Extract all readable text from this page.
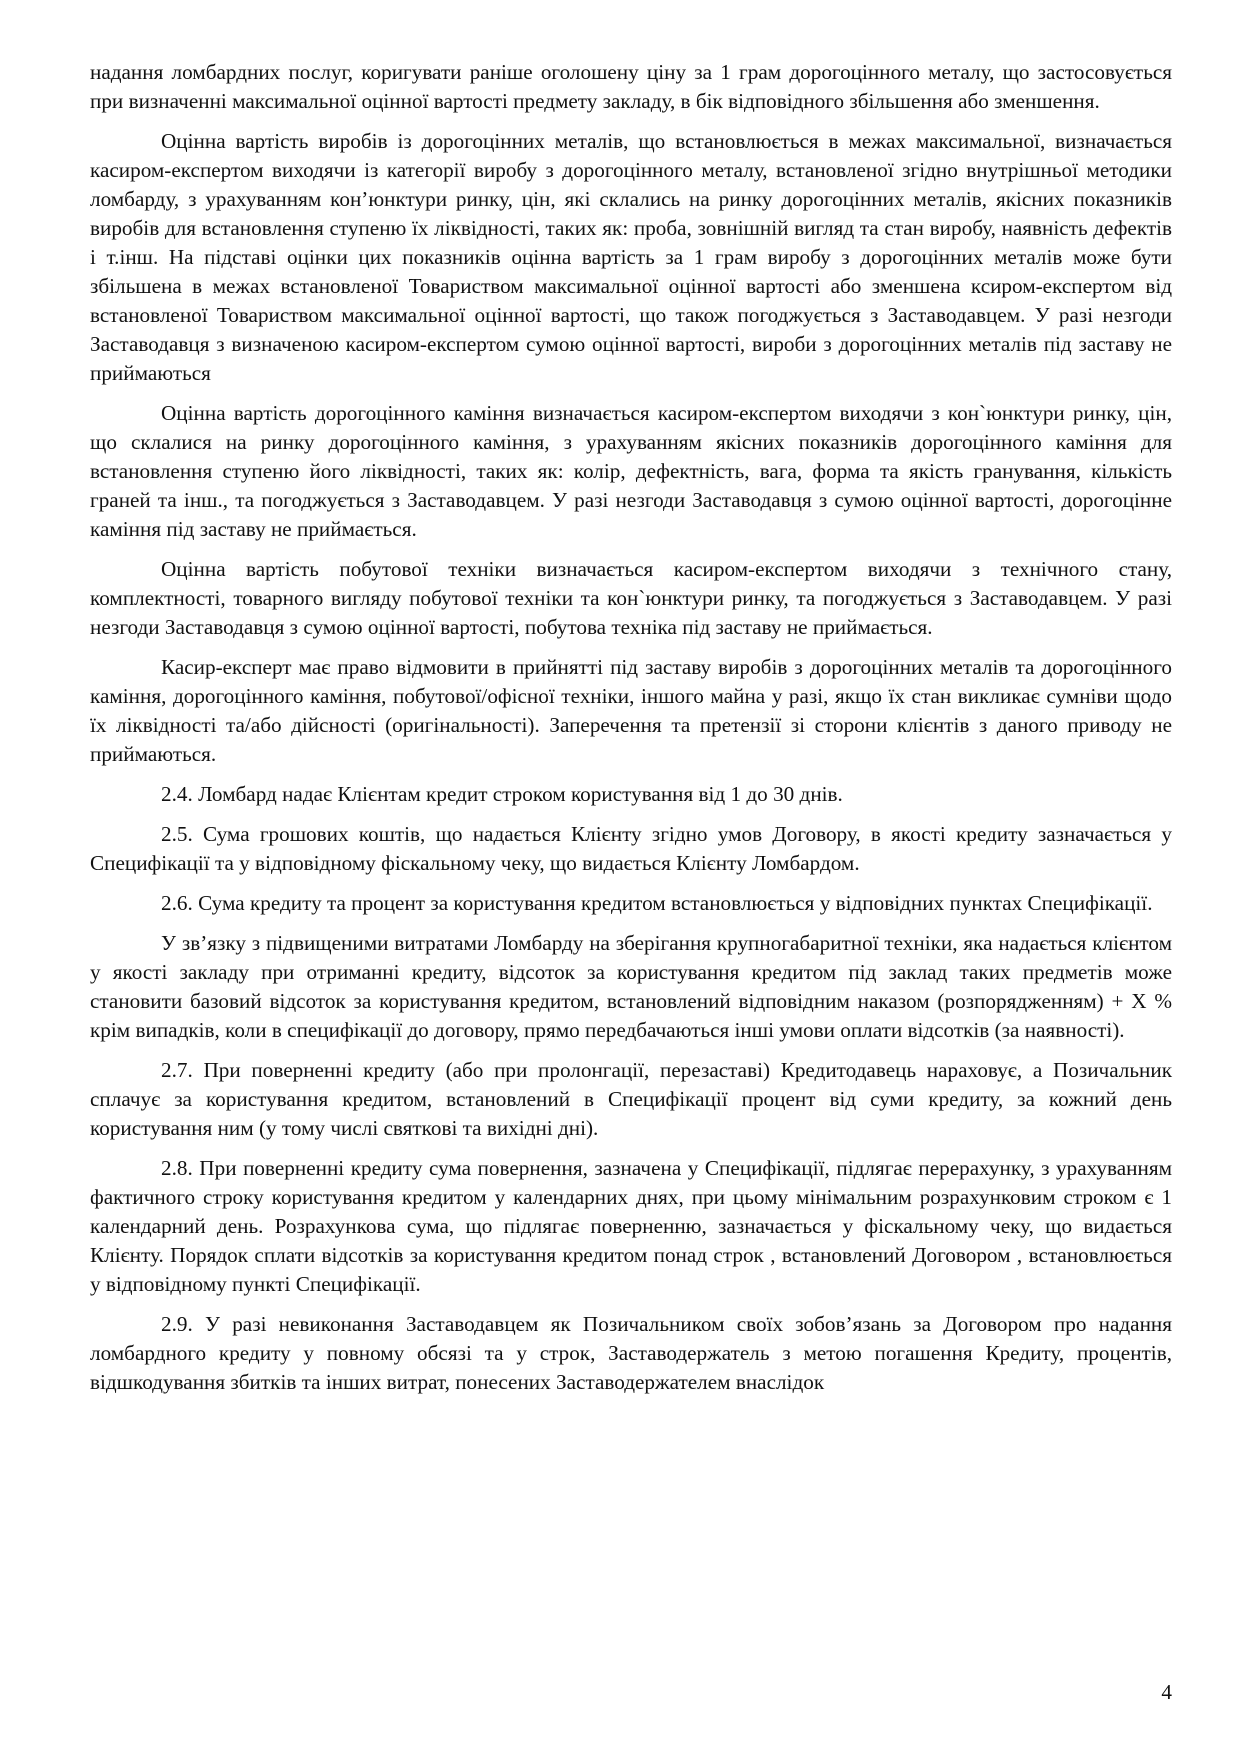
надання ломбардних послуг, коригувати раніше оголошену ціну за 1 грам дорогоцінного металу, що застосовується при визначенні максимальної оцінної вартості предмету закладу, в бік відповідного збільшення або зменшення.

Оцінна вартість виробів із дорогоцінних металів, що встановлюється в межах максимальної, визначається касиром-експертом виходячи із категорії виробу з дорогоцінного металу, встановленої згідно внутрішньої методики ломбарду, з урахуванням кон’юнктури ринку, цін, які склались на ринку дорогоцінних металів, якісних показників виробів для встановлення ступеню їх ліквідності, таких як: проба, зовнішній вигляд та стан виробу, наявність дефектів і т.інш. На підставі оцінки цих показників оцінна вартість за 1 грам виробу з дорогоцінних металів може бути збільшена в межах встановленої Товариством максимальної оцінної вартості або зменшена ксиром-експертом від встановленої Товариством максимальної оцінної вартості, що також погоджується з Заставодавцем. У разі незгоди Заставодавця з визначеною касиром-експертом сумою оцінної вартості, вироби з дорогоцінних металів під заставу не приймаються

Оцінна вартість дорогоцінного каміння визначається касиром-експертом виходячи з кон`юнктури ринку, цін, що склалися на ринку дорогоцінного каміння, з урахуванням якісних показників дорогоцінного каміння для встановлення ступеню його ліквідності, таких як: колір, дефектність, вага, форма та якість гранування, кількість граней та інш., та погоджується з Заставодавцем. У разі незгоди Заставодавця з сумою оцінної вартості, дорогоцінне каміння під заставу не приймається.

Оцінна вартість побутової техніки визначається касиром-експертом виходячи з технічного стану, комплектності, товарного вигляду побутової техніки та кон`юнктури ринку, та погоджується з Заставодавцем. У разі незгоди Заставодавця з сумою оцінної вартості, побутова техніка під заставу не приймається.

Касир-експерт має право відмовити в прийнятті під заставу виробів з дорогоцінних металів та дорогоцінного каміння, дорогоцінного каміння, побутової/офісної техніки, іншого майна у разі, якщо їх стан викликає сумніви щодо їх ліквідності та/або дійсності (оригінальності). Заперечення та претензії зі сторони клієнтів з даного приводу не приймаються.

2.4. Ломбард надає Клієнтам кредит строком користування від 1 до 30 днів.

2.5. Сума грошових коштів, що надається Клієнту згідно умов Договору, в якості кредиту зазначається у Специфікації та у відповідному фіскальному чеку, що видається Клієнту Ломбардом.

2.6. Сума кредиту та процент за користування кредитом встановлюється у відповідних пунктах Специфікації.

У зв’язку з підвищеними витратами Ломбарду на зберігання крупногабаритної техніки, яка надається клієнтом у якості закладу при отриманні кредиту, відсоток за користування кредитом під заклад таких предметів може становити базовий відсоток за користування кредитом, встановлений відповідним наказом (розпорядженням) + Х % крім випадків, коли в специфікації до договору, прямо передбачаються інші умови оплати відсотків (за наявності).

2.7. При поверненні кредиту (або при пролонгації, перезаставі) Кредитодавець нараховує, а Позичальник сплачує за користування кредитом, встановлений в Специфікації процент від суми кредиту, за кожний день користування ним (у тому числі святкові та вихідні дні).

2.8. При поверненні кредиту сума повернення, зазначена у Специфікації, підлягає перерахунку, з урахуванням фактичного строку користування кредитом у календарних днях, при цьому мінімальним розрахунковим строком є 1 календарний день. Розрахункова сума, що підлягає поверненню, зазначається у фіскальному чеку, що видається Клієнту. Порядок сплати відсотків за користування кредитом понад строк , встановлений Договором , встановлюється у відповідному пункті Специфікації.

2.9. У разі невиконання Заставодавцем як Позичальником своїх зобов’язань за Договором про надання ломбардного кредиту у повному обсязі та у строк, Заставодержатель з метою погашення Кредиту, процентів, відшкодування збитків та інших витрат, понесених Заставодержателем внаслідок

4
